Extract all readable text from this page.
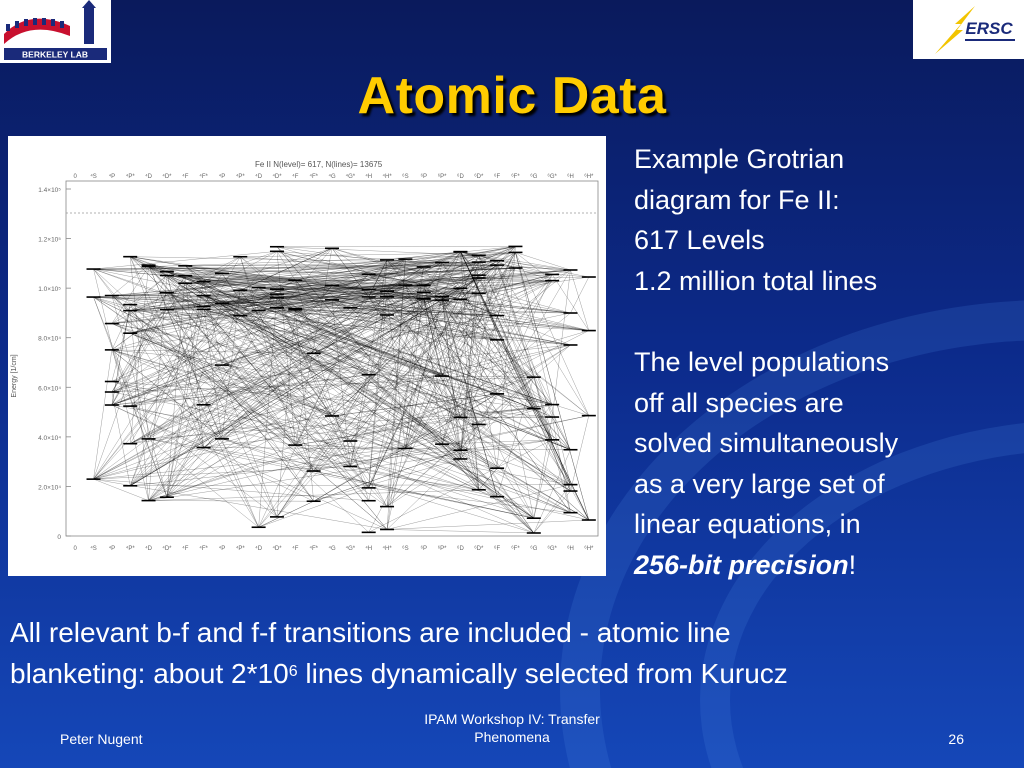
BERKELEY LAB
ERSC
Atomic Data
Fe II N(level)= 617, N(lines)= 13675
Energy [1/cm]
0 ⁴S ⁴P ⁴P* ⁴D ⁴D* ⁴F ⁴F* ⁴P ⁴P* ⁴D ⁴D* ⁴F ⁴F* ⁴G ⁴G* ⁴H ⁴H* ⁶S ⁶P ⁶P* ⁶D ⁶D* ⁶F ⁶F* ⁶G ⁶G* ⁶H ⁶H*
0 ⁴S ⁴P ⁴P* ⁴D ⁴D* ⁴F ⁴F* ⁴P ⁴P* ⁴D ⁴D* ⁴F ⁴F* ⁴G ⁴G* ⁴H ⁴H* ⁶S ⁶P ⁶P* ⁶D ⁶D* ⁶F ⁶F* ⁶G ⁶G* ⁶H ⁶H*
1.4×10⁵
1.2×10⁵
1.0×10⁵
8.0×10⁴
6.0×10⁴
4.0×10⁴
2.0×10⁴
0
Example Grotrian
diagram for Fe II:
617 Levels
1.2 million total lines
The level populations
off all species are
solved simultaneously
as a very large set of
linear equations, in
256-bit precision!
All relevant b-f and f-f transitions are included - atomic line
blanketing: about $2*10^6$ lines dynamically selected from Kurucz
Peter Nugent
IPAM Workshop IV: Transfer
Phenomena	26
